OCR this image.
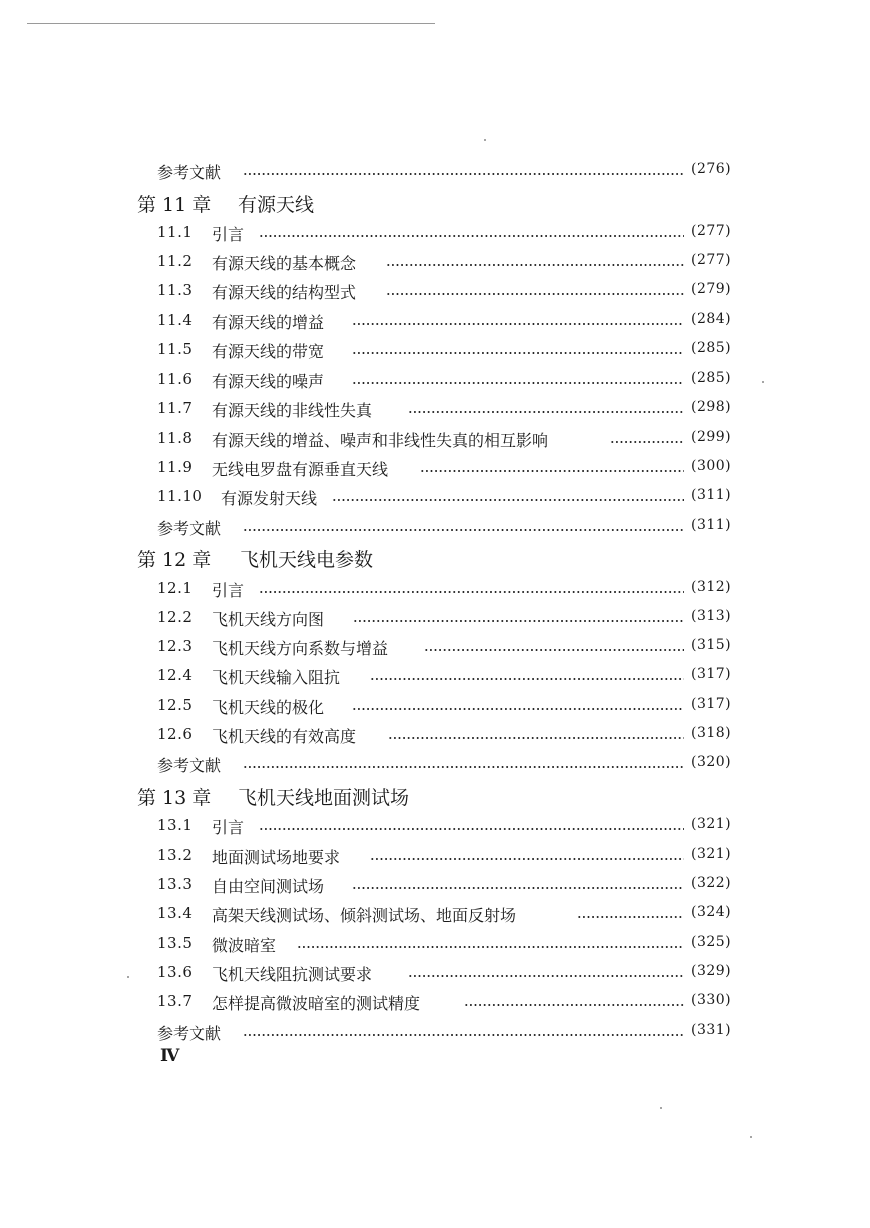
参考文献	(276)
第 11 章 有源天线
11.1 引言	(277)
11.2 有源天线的基本概念	(277)
11.3 有源天线的结构型式	(279)
11.4 有源天线的增益	(284)
11.5 有源天线的带宽	(285)
11.6 有源天线的噪声	(285)
11.7 有源天线的非线性失真	(298)
11.8 有源天线的增益、噪声和非线性失真的相互影响	(299)
11.9 无线电罗盘有源垂直天线	(300)
11.10 有源发射天线	(311)
参考文献	(311)
第 12 章 飞机天线电参数
12.1 引言	(312)
12.2 飞机天线方向图	(313)
12.3 飞机天线方向系数与增益	(315)
12.4 飞机天线输入阻抗	(317)
12.5 飞机天线的极化	(317)
12.6 飞机天线的有效高度	(318)
参考文献	(320)
第 13 章 飞机天线地面测试场
13.1 引言	(321)
13.2 地面测试场地要求	(321)
13.3 自由空间测试场	(322)
13.4 高架天线测试场、倾斜测试场、地面反射场	(324)
13.5 微波暗室	(325)
13.6 飞机天线阻抗测试要求	(329)
13.7 怎样提高微波暗室的测试精度	(330)
参考文献	(331)
Ⅳ
